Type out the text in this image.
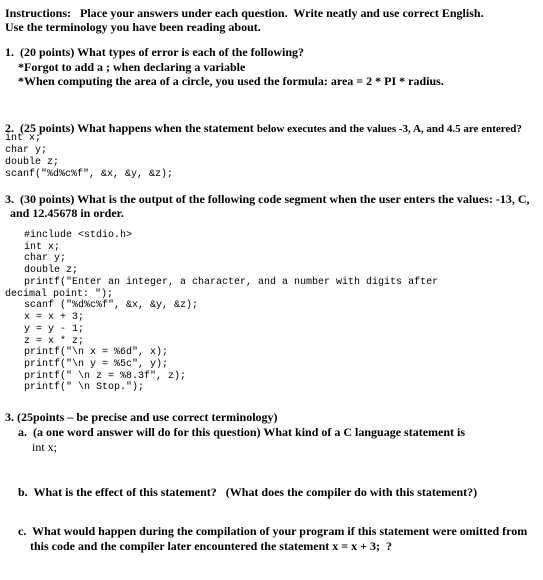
Instructions:   Place your answers under each question.  Write neatly and use correct English.
Use the terminology you have been reading about.
1.  (20 points) What types of error is each of the following?
*Forgot to add a ; when declaring a variable
*When computing the area of a circle, you used the formula: area = 2 * PI * radius.
2.  (25 points) What happens when the statement below executes and the values -3, A, and 4.5 are entered?
int x;
char y;
double z;
scanf("%d%c%f", &x, &y, &z);
3.  (30 points) What is the output of the following code segment when the user enters the values: -13, C,
and 12.45678 in order.
#include <stdio.h>
int x;
char y;
double z;
printf("Enter an integer, a character, and a number with digits after
decimal point: ");
scanf ("%d%c%f", &x, &y, &z);
x = x + 3;
y = y - 1;
z = x * z;
printf("\n x = %6d", x);
printf("\n y = %5c", y);
printf(" \n z = %8.3f", z);
printf(" \n Stop.");
3. (25points – be precise and use correct terminology)
a.  (a one word answer will do for this question) What kind of a C language statement is
int x;
b.  What is the effect of this statement?   (What does the compiler do with this statement?)
c.  What would happen during the compilation of your program if this statement were omitted from
this code and the compiler later encountered the statement x = x + 3;  ?
